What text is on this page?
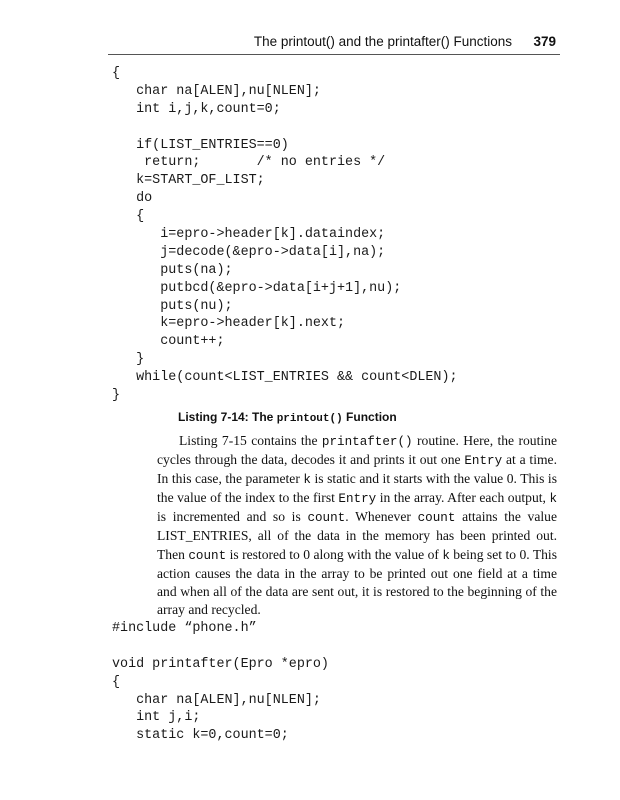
The printout() and the printafter() Functions 379
{
char na[ALEN],nu[NLEN];
int i,j,k,count=0;
if(LIST_ENTRIES==0)
return;       /* no entries */
k=START_OF_LIST;
do
{
i=epro->header[k].dataindex;
j=decode(&epro->data[i],na);
puts(na);
putbcd(&epro->data[i+j+1],nu);
puts(nu);
k=epro->header[k].next;
count++;
}
while(count<LIST_ENTRIES && count<DLEN);
}
Listing 7-14: The printout() Function

Listing 7-15 contains the printafter() routine. Here, the routine cycles through the data, decodes it and prints it out one Entry at a time. In this case, the parameter k is static and it starts with the value 0. This is the value of the index to the first Entry in the array. After each output, k is incremented and so is count. Whenever count attains the value LIST_ENTRIES, all of the data in the memory has been printed out. Then count is restored to 0 along with the value of k being set to 0. This action causes the data in the array to be printed out one field at a time and when all of the data are sent out, it is restored to the beginning of the array and recycled.

#include “phone.h”
void printafter(Epro *epro)
{
char na[ALEN],nu[NLEN];
int j,i;
static k=0,count=0;
